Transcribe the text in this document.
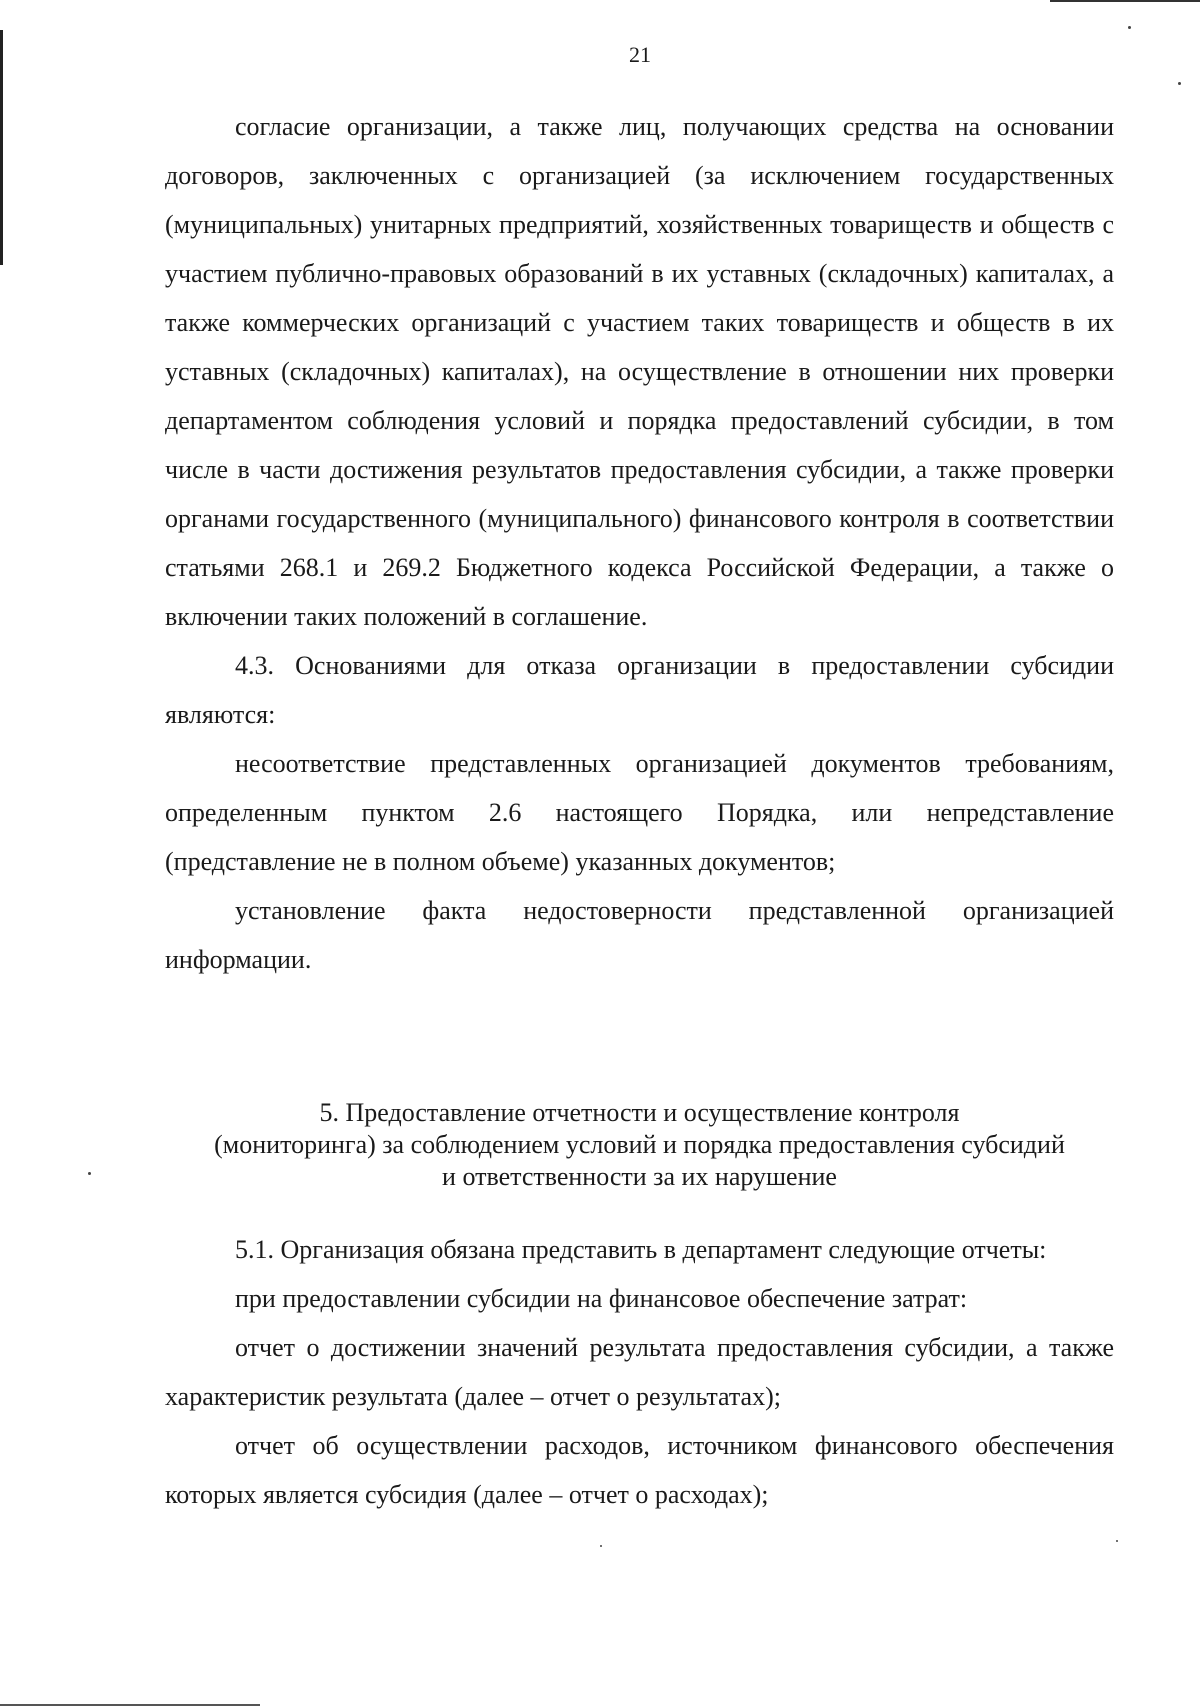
21

согласие организации, а также лиц, получающих средства на основании договоров, заключенных с организацией (за исключением государственных (муниципальных) унитарных предприятий, хозяйственных товариществ и обществ с участием публично-правовых образований в их уставных (складочных) капиталах, а также коммерческих организаций с участием таких товариществ и обществ в их уставных (складочных) капиталах), на осуществление в отношении них проверки департаментом соблюдения условий и порядка предоставлений субсидии, в том числе в части достижения результатов предоставления субсидии, а также проверки органами государственного (муниципального) финансового контроля в соответствии статьями 268.1 и 269.2 Бюджетного кодекса Российской Федерации, а также о включении таких положений в соглашение.

4.3. Основаниями для отказа организации в предоставлении субсидии являются:

несоответствие представленных организацией документов требованиям, определенным пунктом 2.6 настоящего Порядка, или непредставление (представление не в полном объеме) указанных документов;

установление факта недостоверности представленной организацией информации.

5. Предоставление отчетности и осуществление контроля
(мониторинга) за соблюдением условий и порядка предоставления субсидий
и ответственности за их нарушение

5.1. Организация обязана представить в департамент следующие отчеты:

при предоставлении субсидии на финансовое обеспечение затрат:

отчет о достижении значений результата предоставления субсидии, а также характеристик результата (далее – отчет о результатах);

отчет об осуществлении расходов, источником финансового обеспечения которых является субсидия (далее – отчет о расходах);
